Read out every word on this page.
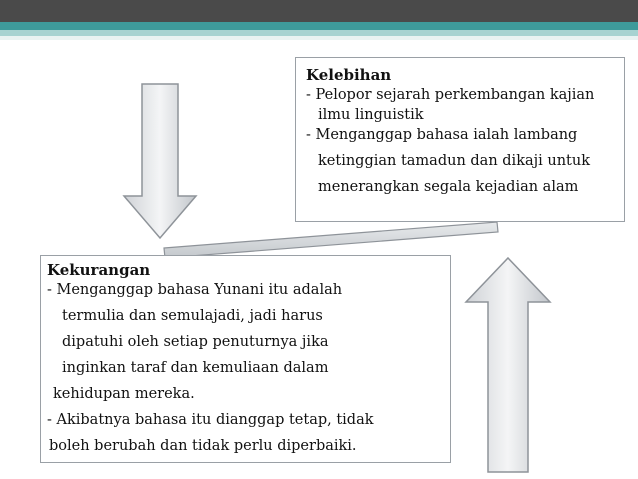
Kelebihan
- Pelopor sejarah perkembangan kajian
ilmu linguistik
- Menganggap bahasa ialah lambang
ketinggian tamadun dan dikaji untuk
menerangkan segala kejadian alam
Kekurangan
- Menganggap bahasa Yunani itu adalah
termulia dan semulajadi, jadi harus
dipatuhi oleh setiap penuturnya jika
inginkan taraf dan kemuliaan dalam
kehidupan mereka.
- Akibatnya bahasa itu dianggap tetap, tidak
boleh berubah dan tidak perlu diperbaiki.
